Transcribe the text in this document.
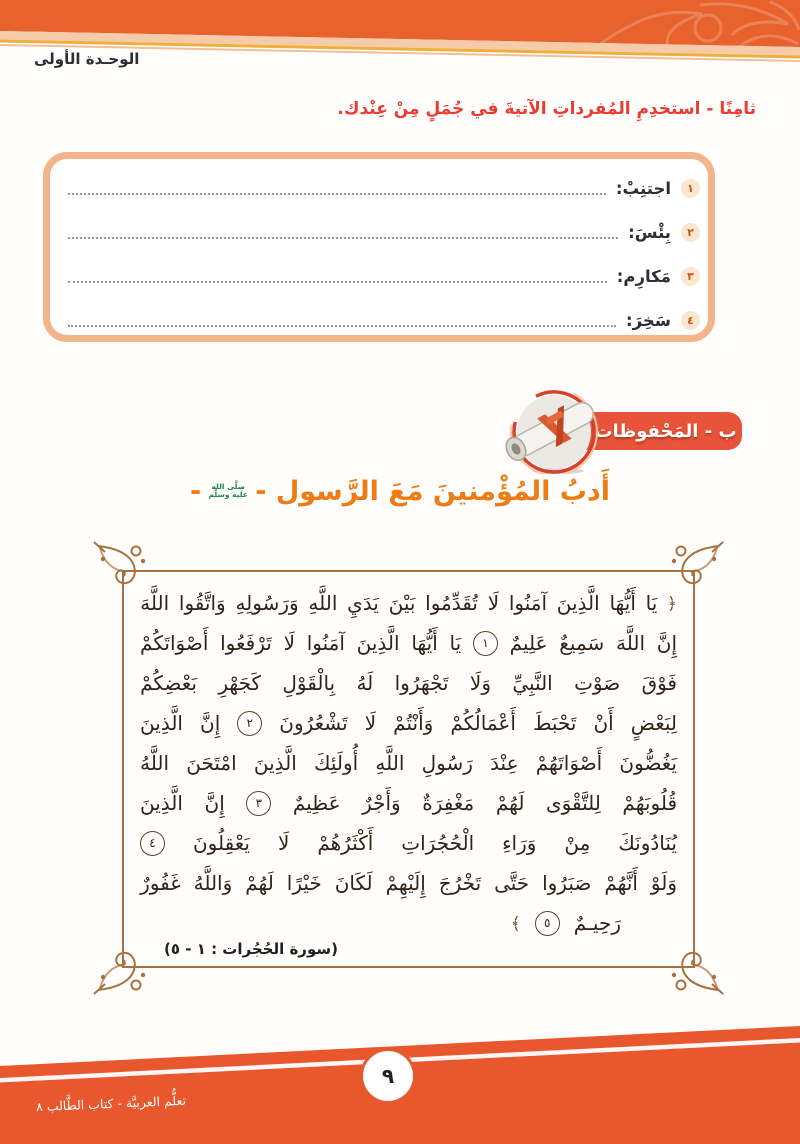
الوحـدة الأولى
ثامِنًا - استخدِمِ المُفرداتِ الآتيةَ في جُمَلٍ مِنْ عِنْدك.
١
اجتنِبْ:
٢
بِئْسَ:
٣
مَكارِم:
٤
سَخِرَ:
ب - المَحْفوظات
أَدبُ المُؤْمنينَ مَعَ الرَّسول -
صلَّى الله
عليه وسلَّم
-
﴿
يَا
أَيُّهَا
الَّذِينَ
آمَنُوا
لَا
تُقَدِّمُوا
بَيْنَ
يَدَيِ
اللَّهِ
وَرَسُولِهِ
وَاتَّقُوا
اللَّهَ
إِنَّ
اللَّهَ
سَمِيعٌ
عَلِيمٌ
١
يَا
أَيُّهَا
الَّذِينَ
آمَنُوا
لَا
تَرْفَعُوا
أَصْوَاتَكُمْ
فَوْقَ
صَوْتِ
النَّبِيِّ
وَلَا
تَجْهَرُوا
لَهُ
بِالْقَوْلِ
كَجَهْرِ
بَعْضِكُمْ
لِبَعْضٍ
أَنْ
تَحْبَطَ
أَعْمَالُكُمْ
وَأَنْتُمْ
لَا
تَشْعُرُونَ
٢
إِنَّ
الَّذِينَ
يَغُضُّونَ
أَصْوَاتَهُمْ
عِنْدَ
رَسُولِ
اللَّهِ
أُولَئِكَ
الَّذِينَ
امْتَحَنَ
اللَّهُ
قُلُوبَهُمْ
لِلتَّقْوَى
لَهُمْ
مَغْفِرَةٌ
وَأَجْرٌ
عَظِيمٌ
٣
إِنَّ
الَّذِينَ
يُنَادُونَكَ
مِنْ
وَرَاءِ
الْحُجُرَاتِ
أَكْثَرُهُمْ
لَا
يَعْقِلُونَ
٤
وَلَوْ
أَنَّهُمْ
صَبَرُوا
حَتَّى
تَخْرُجَ
إِلَيْهِمْ
لَكَانَ
خَيْرًا
لَهُمْ
وَاللَّهُ
غَفُورٌ
رَحِيـمٌ
٥
﴾
(سورة الحُجُرات : ١ - ٥)
٩
تعلُّم العربيَّة - كتاب الطَّالب ٨
